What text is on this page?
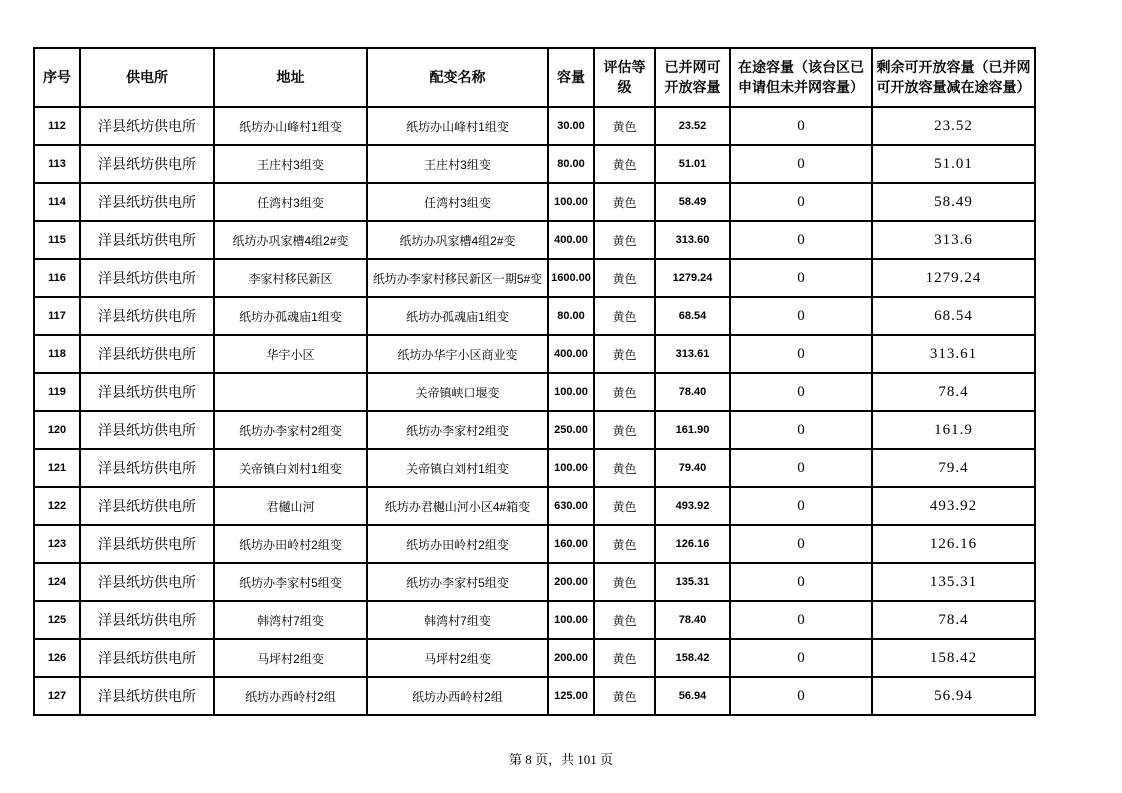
序号	供电所	地址	配变名称	容量	评估等级	已并网可开放容量	在途容量（该台区已申请但未并网容量）	剩余可开放容量（已并网可开放容量减在途容量）
112	洋县纸坊供电所	纸坊办山峰村1组变	纸坊办山峰村1组变	30.00	黄色	23.52	0	23.52
113	洋县纸坊供电所	王庄村3组变	王庄村3组变	80.00	黄色	51.01	0	51.01
114	洋县纸坊供电所	任湾村3组变	任湾村3组变	100.00	黄色	58.49	0	58.49
115	洋县纸坊供电所	纸坊办巩家槽4组2#变	纸坊办巩家槽4组2#变	400.00	黄色	313.60	0	313.6
116	洋县纸坊供电所	李家村移民新区	纸坊办李家村移民新区一期5#变	1600.00	黄色	1279.24	0	1279.24
117	洋县纸坊供电所	纸坊办孤魂庙1组变	纸坊办孤魂庙1组变	80.00	黄色	68.54	0	68.54
118	洋县纸坊供电所	华宇小区	纸坊办华宇小区商业变	400.00	黄色	313.61	0	313.61
119	洋县纸坊供电所		关帝镇峡口堰变	100.00	黄色	78.40	0	78.4
120	洋县纸坊供电所	纸坊办李家村2组变	纸坊办李家村2组变	250.00	黄色	161.90	0	161.9
121	洋县纸坊供电所	关帝镇白刘村1组变	关帝镇白刘村1组变	100.00	黄色	79.40	0	79.4
122	洋县纸坊供电所	君樾山河	纸坊办君樾山河小区4#箱变	630.00	黄色	493.92	0	493.92
123	洋县纸坊供电所	纸坊办田岭村2组变	纸坊办田岭村2组变	160.00	黄色	126.16	0	126.16
124	洋县纸坊供电所	纸坊办李家村5组变	纸坊办李家村5组变	200.00	黄色	135.31	0	135.31
125	洋县纸坊供电所	韩湾村7组变	韩湾村7组变	100.00	黄色	78.40	0	78.4
126	洋县纸坊供电所	马坪村2组变	马坪村2组变	200.00	黄色	158.42	0	158.42
127	洋县纸坊供电所	纸坊办西岭村2组	纸坊办西岭村2组	125.00	黄色	56.94	0	56.94
第 8 页，共 101 页
